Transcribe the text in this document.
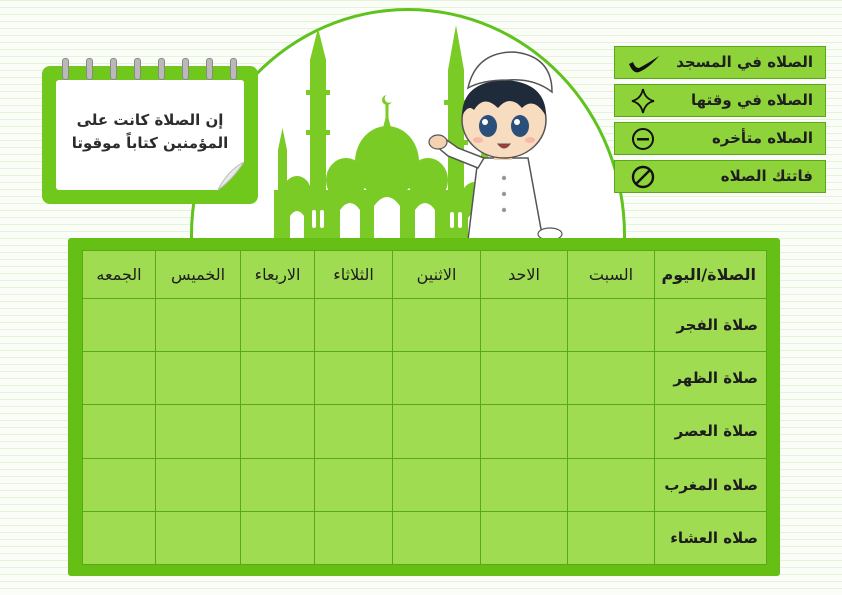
إن الصلاة كانت على
المؤمنين كتاباً موقوتا
الصلاه في المسجد
الصلاه في وقتها
الصلاه متأخره
فاتتك الصلاه
الصلاة/اليوم	السبت	الاحد	الاثنين	الثلاثاء	الاربعاء	الخميس	الجمعه
صلاة الفجر							
صلاة الظهر							
صلاة العصر							
صلاه المغرب							
صلاه العشاء							
